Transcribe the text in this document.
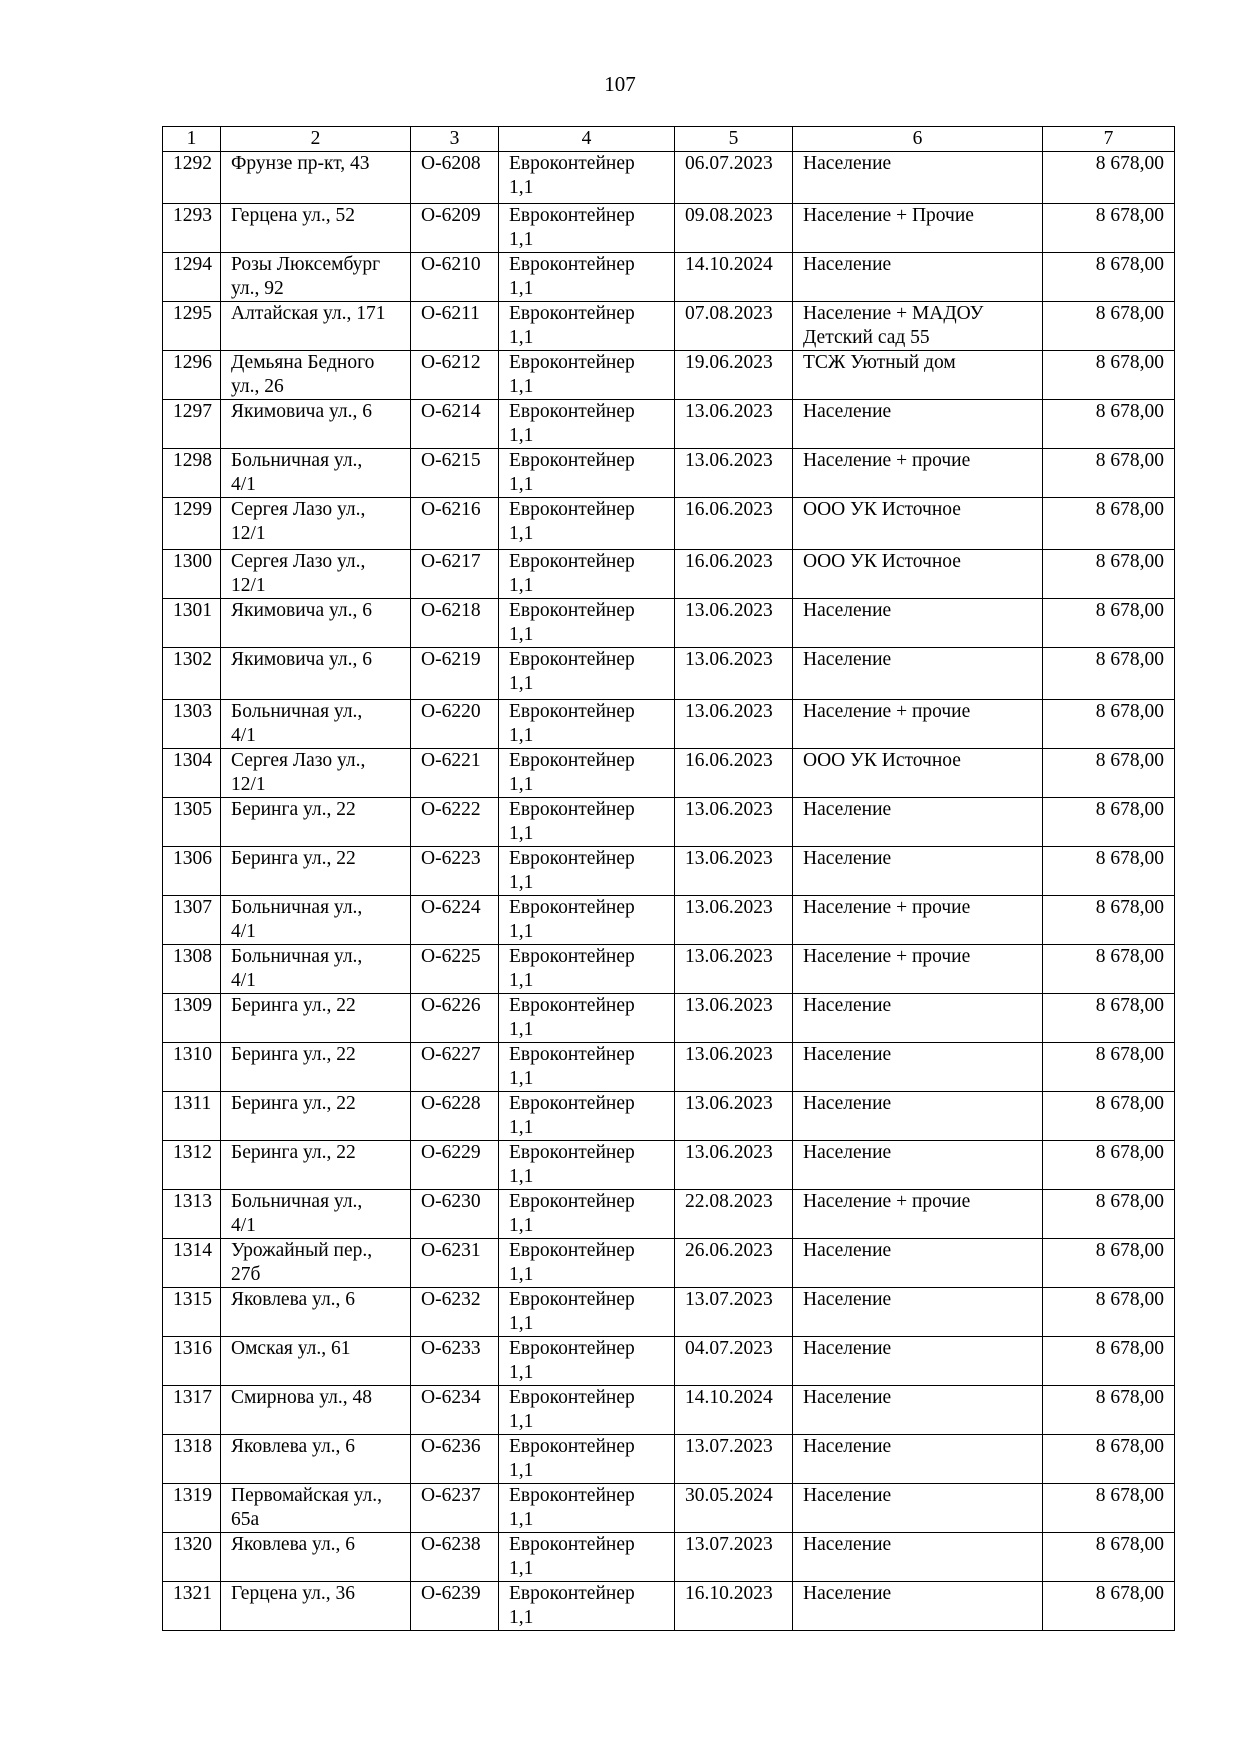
107
1	2	3	4	5	6	7

1292	Фрунзе пр-кт, 43	О-6208	Евроконтейнер
1,1	06.07.2023	Население	8 678,00

1293	Герцена ул., 52	О-6209	Евроконтейнер
1,1	09.08.2023	Население + Прочие	8 678,00

1294	Розы Люксембург
ул., 92	О-6210	Евроконтейнер
1,1	14.10.2024	Население	8 678,00

1295	Алтайская ул., 171	О-6211	Евроконтейнер
1,1	07.08.2023	Население + МАДОУ
Детский сад 55	8 678,00

1296	Демьяна Бедного
ул., 26	О-6212	Евроконтейнер
1,1	19.06.2023	ТСЖ Уютный дом	8 678,00

1297	Якимовича ул., 6	О-6214	Евроконтейнер
1,1	13.06.2023	Население	8 678,00

1298	Больничная ул.,
4/1	О-6215	Евроконтейнер
1,1	13.06.2023	Население + прочие	8 678,00

1299	Сергея Лазо ул.,
12/1	О-6216	Евроконтейнер
1,1	16.06.2023	ООО УК Источное	8 678,00

1300	Сергея Лазо ул.,
12/1	О-6217	Евроконтейнер
1,1	16.06.2023	ООО УК Источное	8 678,00

1301	Якимовича ул., 6	О-6218	Евроконтейнер
1,1	13.06.2023	Население	8 678,00

1302	Якимовича ул., 6	О-6219	Евроконтейнер
1,1	13.06.2023	Население	8 678,00

1303	Больничная ул.,
4/1	О-6220	Евроконтейнер
1,1	13.06.2023	Население + прочие	8 678,00

1304	Сергея Лазо ул.,
12/1	О-6221	Евроконтейнер
1,1	16.06.2023	ООО УК Источное	8 678,00

1305	Беринга ул., 22	О-6222	Евроконтейнер
1,1	13.06.2023	Население	8 678,00

1306	Беринга ул., 22	О-6223	Евроконтейнер
1,1	13.06.2023	Население	8 678,00

1307	Больничная ул.,
4/1	О-6224	Евроконтейнер
1,1	13.06.2023	Население + прочие	8 678,00

1308	Больничная ул.,
4/1	О-6225	Евроконтейнер
1,1	13.06.2023	Население + прочие	8 678,00

1309	Беринга ул., 22	О-6226	Евроконтейнер
1,1	13.06.2023	Население	8 678,00

1310	Беринга ул., 22	О-6227	Евроконтейнер
1,1	13.06.2023	Население	8 678,00

1311	Беринга ул., 22	О-6228	Евроконтейнер
1,1	13.06.2023	Население	8 678,00

1312	Беринга ул., 22	О-6229	Евроконтейнер
1,1	13.06.2023	Население	8 678,00

1313	Больничная ул.,
4/1	О-6230	Евроконтейнер
1,1	22.08.2023	Население + прочие	8 678,00

1314	Урожайный пер.,
27б	О-6231	Евроконтейнер
1,1	26.06.2023	Население	8 678,00

1315	Яковлева ул., 6	О-6232	Евроконтейнер
1,1	13.07.2023	Население	8 678,00

1316	Омская ул., 61	О-6233	Евроконтейнер
1,1	04.07.2023	Население	8 678,00

1317	Смирнова ул., 48	О-6234	Евроконтейнер
1,1	14.10.2024	Население	8 678,00

1318	Яковлева ул., 6	О-6236	Евроконтейнер
1,1	13.07.2023	Население	8 678,00

1319	Первомайская ул.,
65а	О-6237	Евроконтейнер
1,1	30.05.2024	Население	8 678,00

1320	Яковлева ул., 6	О-6238	Евроконтейнер
1,1	13.07.2023	Население	8 678,00

1321	Герцена ул., 36	О-6239	Евроконтейнер
1,1	16.10.2023	Население	8 678,00
